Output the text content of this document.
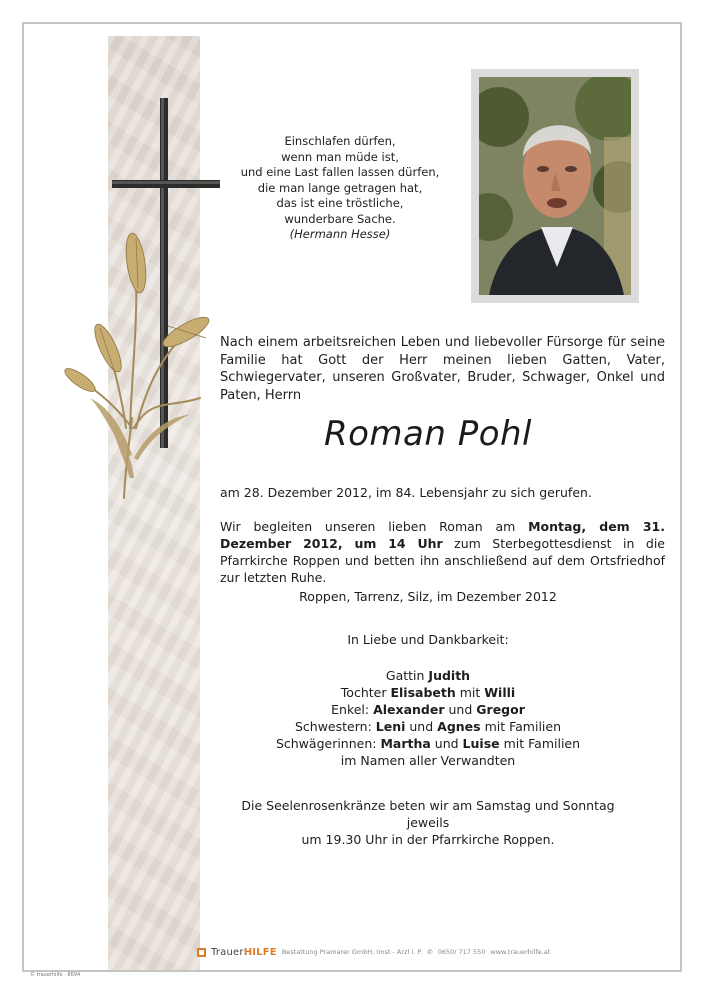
Einschlafen dürfen,
wenn man müde ist,
und eine Last fallen lassen dürfen,
die man lange getragen hat,
das ist eine tröstliche,
wunderbare Sache.
(Hermann Hesse)
Nach einem arbeitsreichen Leben und liebevoller Fürsorge für seine Familie hat Gott der Herr meinen lieben Gatten, Vater, Schwiegervater, unseren Großvater, Bruder, Schwager, Onkel und Paten, Herrn
Roman Pohl
am 28. Dezember 2012, im 84. Lebensjahr zu sich gerufen.
Wir begleiten unseren lieben Roman am Montag, dem 31. Dezember 2012, um 14 Uhr zum Sterbegottesdienst in die Pfarrkirche Roppen und betten ihn anschließend auf dem Ortsfriedhof zur letzten Ruhe.
Roppen, Tarrenz, Silz, im Dezember 2012
In Liebe und Dankbarkeit:
Gattin Judith
Tochter Elisabeth mit Willi
Enkel: Alexander und Gregor
Schwestern: Leni und Agnes mit Familien
Schwägerinnen: Martha und Luise mit Familien
im Namen aller Verwandten
Die Seelenrosenkränze beten wir am Samstag und Sonntag jeweils
um 19.30 Uhr in der Pfarrkirche Roppen.
TrauerHILFE Bestattung Pramarer GmbH, Imst - Arzl i. P. ✆ 0650/ 717 550 www.trauerhilfe.at
© trauerhilfe · 8694
